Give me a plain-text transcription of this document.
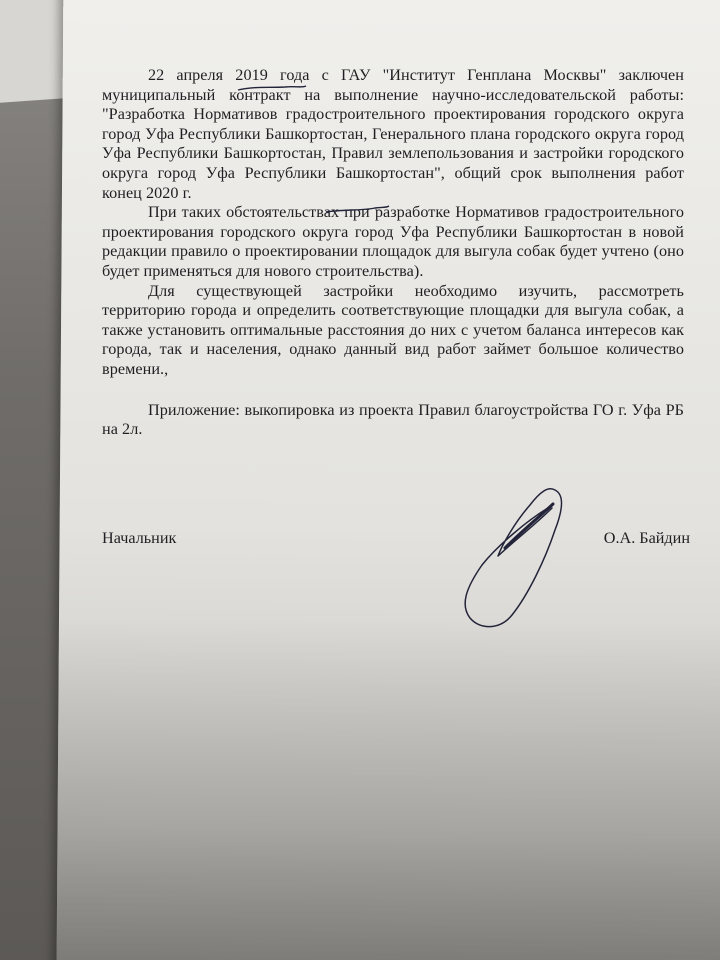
22 апреля 2019 года с ГАУ "Институт Генплана Москвы" заключен муниципальный контракт на выполнение научно-исследовательской работы: "Разработка Нормативов градостроительного проектирования городского округа город Уфа Республики Башкортостан, Генерального плана городского округа город Уфа Республики Башкортостан, Правил землепользования и застройки городского округа город Уфа Республики Башкортостан", общий срок выполнения работ конец 2020 г.

При таких обстоятельствах при разработке Нормативов градостроительного проектирования городского округа город Уфа Республики Башкортостан в новой редакции правило о проектировании площадок для выгула собак будет учтено (оно будет применяться для нового строительства).

Для существующей застройки необходимо изучить, рассмотреть территорию города и определить соответствующие площадки для выгула собак, а также установить оптимальные расстояния до них с учетом баланса интересов как города, так и населения, однако данный вид работ займет большое количество времени.,

Приложение: выкопировка из проекта Правил благоустройства ГО г. Уфа РБ на 2л.

Начальник	О.А. Байдин
